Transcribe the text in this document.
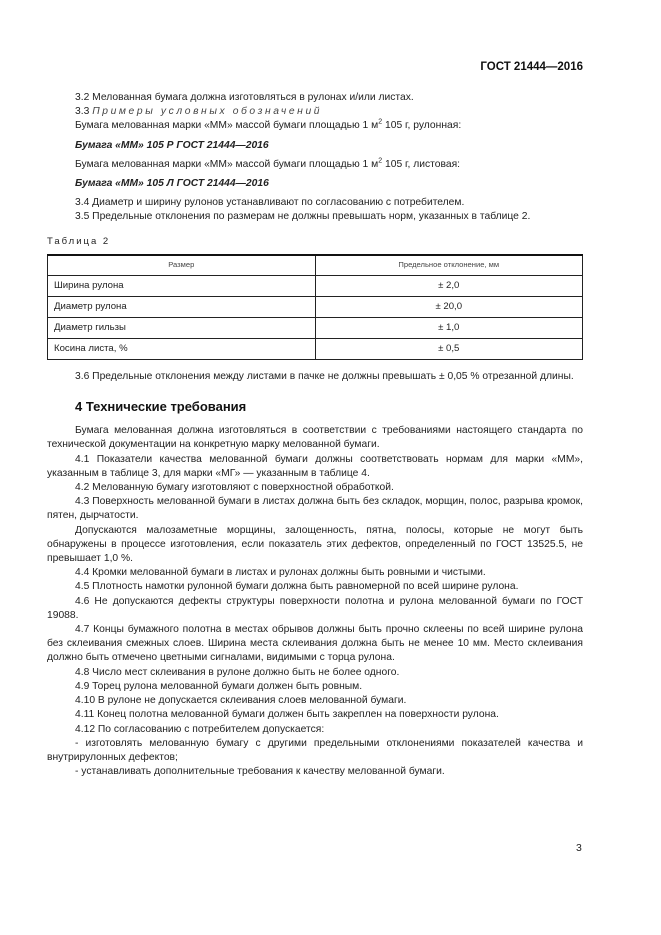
ГОСТ 21444—2016

3.2 Мелованная бумага должна изготовляться в рулонах и/или листах.

3.3 Примеры условных обозначений

Бумага мелованная марки «ММ» массой бумаги площадью 1 $м^2$ 105 г, рулонная:

Бумага «ММ» 105 Р ГОСТ 21444—2016

Бумага мелованная марки «ММ» массой бумаги площадью 1 $м^2$ 105 г, листовая:

Бумага «ММ» 105 Л ГОСТ 21444—2016

3.4 Диаметр и ширину рулонов устанавливают по согласованию с потребителем.

3.5 Предельные отклонения по размерам не должны превышать норм, указанных в таблице 2.

Таблица 2

Размер	Предельное отклонение, мм
Ширина рулона	± 2,0
Диаметр рулона	± 20,0
Диаметр гильзы	± 1,0
Косина листа, %	± 0,5

3.6 Предельные отклонения между листами в пачке не должны превышать ± 0,05 % отрезанной длины.

4 Технические требования

Бумага мелованная должна изготовляться в соответствии с требованиями настоящего стандарта по технической документации на конкретную марку мелованной бумаги.

4.1 Показатели качества мелованной бумаги должны соответствовать нормам для марки «ММ», указанным в таблице 3, для марки «МГ» — указанным в таблице 4.

4.2 Мелованную бумагу изготовляют с поверхностной обработкой.

4.3 Поверхность мелованной бумаги в листах должна быть без складок, морщин, полос, разрыва кромок, пятен, дырчатости.

Допускаются малозаметные морщины, залощенность, пятна, полосы, которые не могут быть обнаружены в процессе изготовления, если показатель этих дефектов, определенный по ГОСТ 13525.5, не превышает 1,0 %.

4.4 Кромки мелованной бумаги в листах и рулонах должны быть ровными и чистыми.

4.5 Плотность намотки рулонной бумаги должна быть равномерной по всей ширине рулона.

4.6 Не допускаются дефекты структуры поверхности полотна и рулона мелованной бумаги по ГОСТ 19088.

4.7 Концы бумажного полотна в местах обрывов должны быть прочно склеены по всей ширине рулона без склеивания смежных слоев. Ширина места склеивания должна быть не менее 10 мм. Место склеивания должно быть отмечено цветными сигналами, видимыми с торца рулона.

4.8 Число мест склеивания в рулоне должно быть не более одного.

4.9 Торец рулона мелованной бумаги должен быть ровным.

4.10 В рулоне не допускается склеивания слоев мелованной бумаги.

4.11 Конец полотна мелованной бумаги должен быть закреплен на поверхности рулона.

4.12 По согласованию с потребителем допускается:

- изготовлять мелованную бумагу с другими предельными отклонениями показателей качества и внутрирулонных дефектов;

- устанавливать дополнительные требования к качеству мелованной бумаги.

3
